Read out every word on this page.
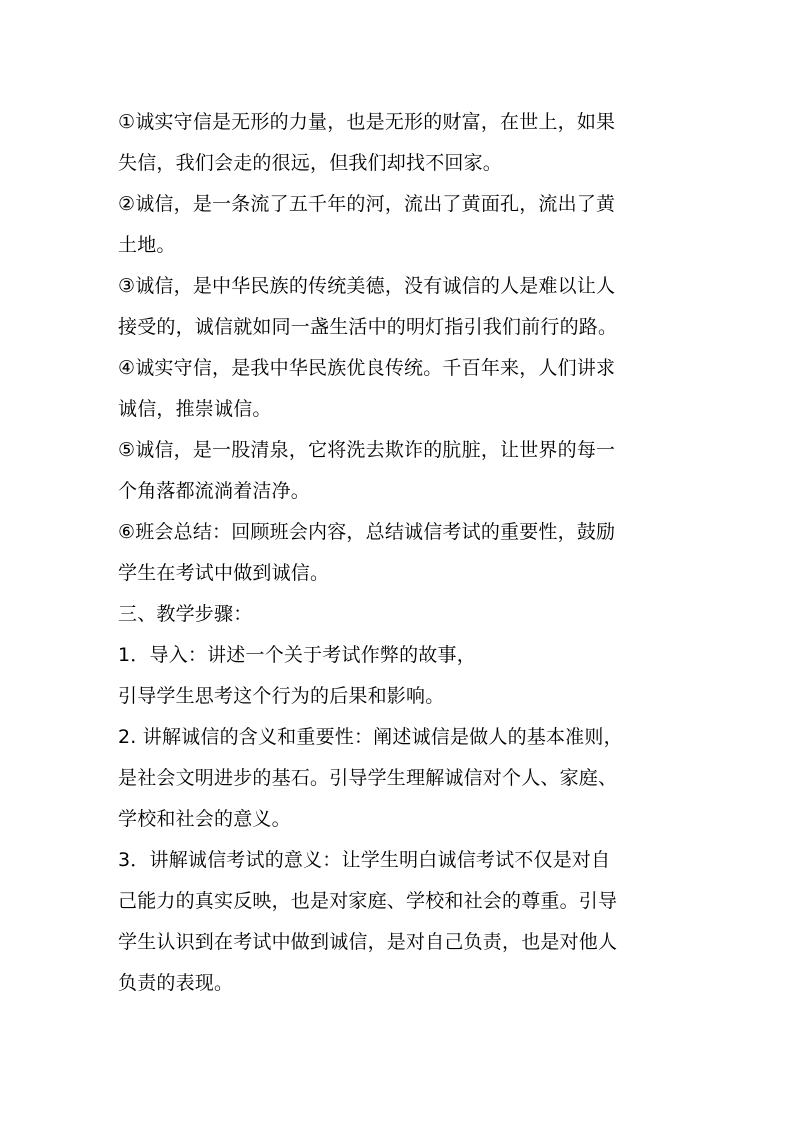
①诚实守信是无形的力量，也是无形的财富，在世上，如果
失信，我们会走的很远，但我们却找不回家。
②诚信，是一条流了五千年的河，流出了黄面孔，流出了黄
土地。
③诚信，是中华民族的传统美德，没有诚信的人是难以让人
接受的，诚信就如同一盏生活中的明灯指引我们前行的路。
④诚实守信，是我中华民族优良传统。千百年来，人们讲求
诚信，推崇诚信。
⑤诚信，是一股清泉，它将洗去欺诈的肮脏，让世界的每一
个角落都流淌着洁净。
⑥班会总结：回顾班会内容，总结诚信考试的重要性，鼓励
学生在考试中做到诚信。
三、教学步骤：
1．导入：讲述一个关于考试作弊的故事，
引导学生思考这个行为的后果和影响。
2. 讲解诚信的含义和重要性：阐述诚信是做人的基本准则，
是社会文明进步的基石。引导学生理解诚信对个人、家庭、
学校和社会的意义。
3．讲解诚信考试的意义：让学生明白诚信考试不仅是对自
己能力的真实反映，也是对家庭、学校和社会的尊重。引导
学生认识到在考试中做到诚信，是对自己负责，也是对他人
负责的表现。
